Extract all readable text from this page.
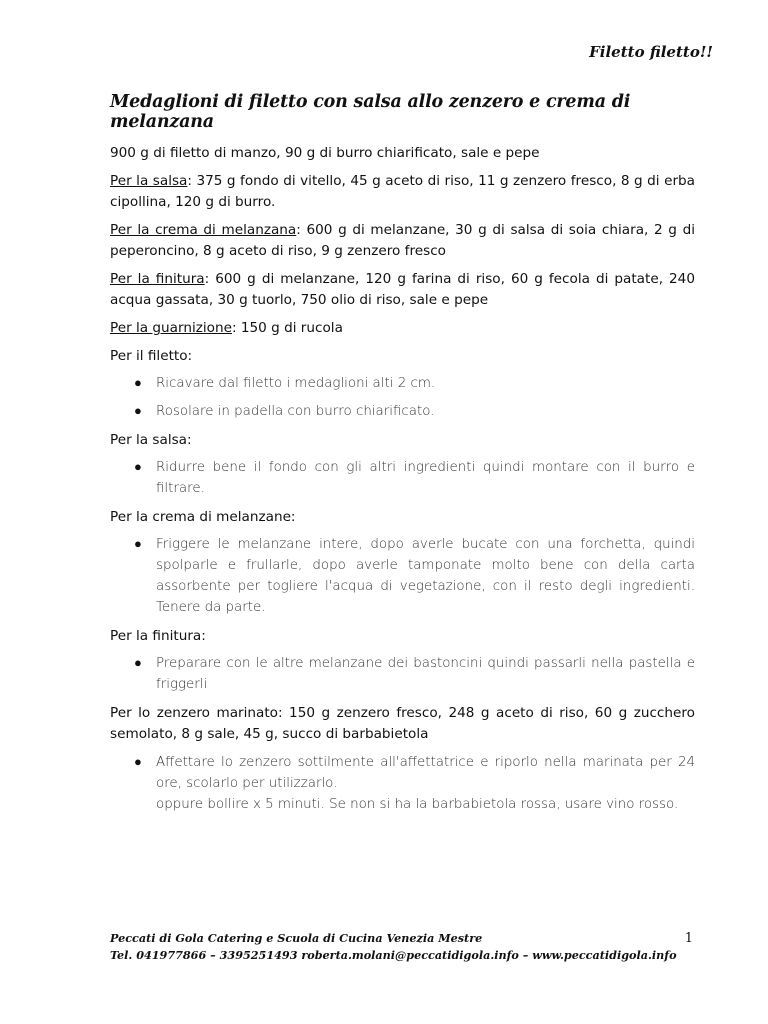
Filetto filetto!!
Medaglioni di filetto con salsa allo zenzero e crema di melanzana

900 g di filetto di manzo, 90 g di burro chiarificato, sale e pepe

Per la salsa: 375 g fondo di vitello, 45 g aceto di riso, 11 g zenzero fresco, 8 g di erba cipollina, 120 g di burro.

Per la crema di melanzana: 600 g di melanzane, 30 g di salsa di soia chiara, 2 g di peperoncino, 8 g aceto di riso, 9 g zenzero fresco

Per la finitura: 600 g di melanzane, 120 g farina di riso, 60 g fecola di patate, 240 acqua gassata, 30 g tuorlo, 750 olio di riso, sale e pepe

Per la guarnizione: 150 g di rucola

Per il filetto:
● Ricavare dal filetto i medaglioni alti 2 cm.
● Rosolare in padella con burro chiarificato.
Per la salsa:
● Ridurre bene il fondo con gli altri ingredienti quindi montare con il burro e filtrare.
Per la crema di melanzane:
● Friggere le melanzane intere, dopo averle bucate con una forchetta, quindi spolparle e frullarle, dopo averle tamponate molto bene con della carta assorbente per togliere l'acqua di vegetazione, con il resto degli ingredienti. Tenere da parte.
Per la finitura:
● Preparare con le altre melanzane dei bastoncini quindi passarli nella pastella e friggerli

Per lo zenzero marinato: 150 g zenzero fresco, 248 g aceto di riso, 60 g zucchero semolato, 8 g sale, 45 g, succo di barbabietola

● Affettare lo zenzero sottilmente all'affettatrice e riporlo nella marinata per 24 ore, scolarlo per utilizzarlo.
oppure bollire x 5 minuti. Se non si ha la barbabietola rossa, usare vino rosso.
Peccati di Gola Catering e Scuola di Cucina Venezia Mestre
Tel. 041977866 – 3395251493 roberta.molani@peccatidigola.info – www.peccatidigola.info
1
